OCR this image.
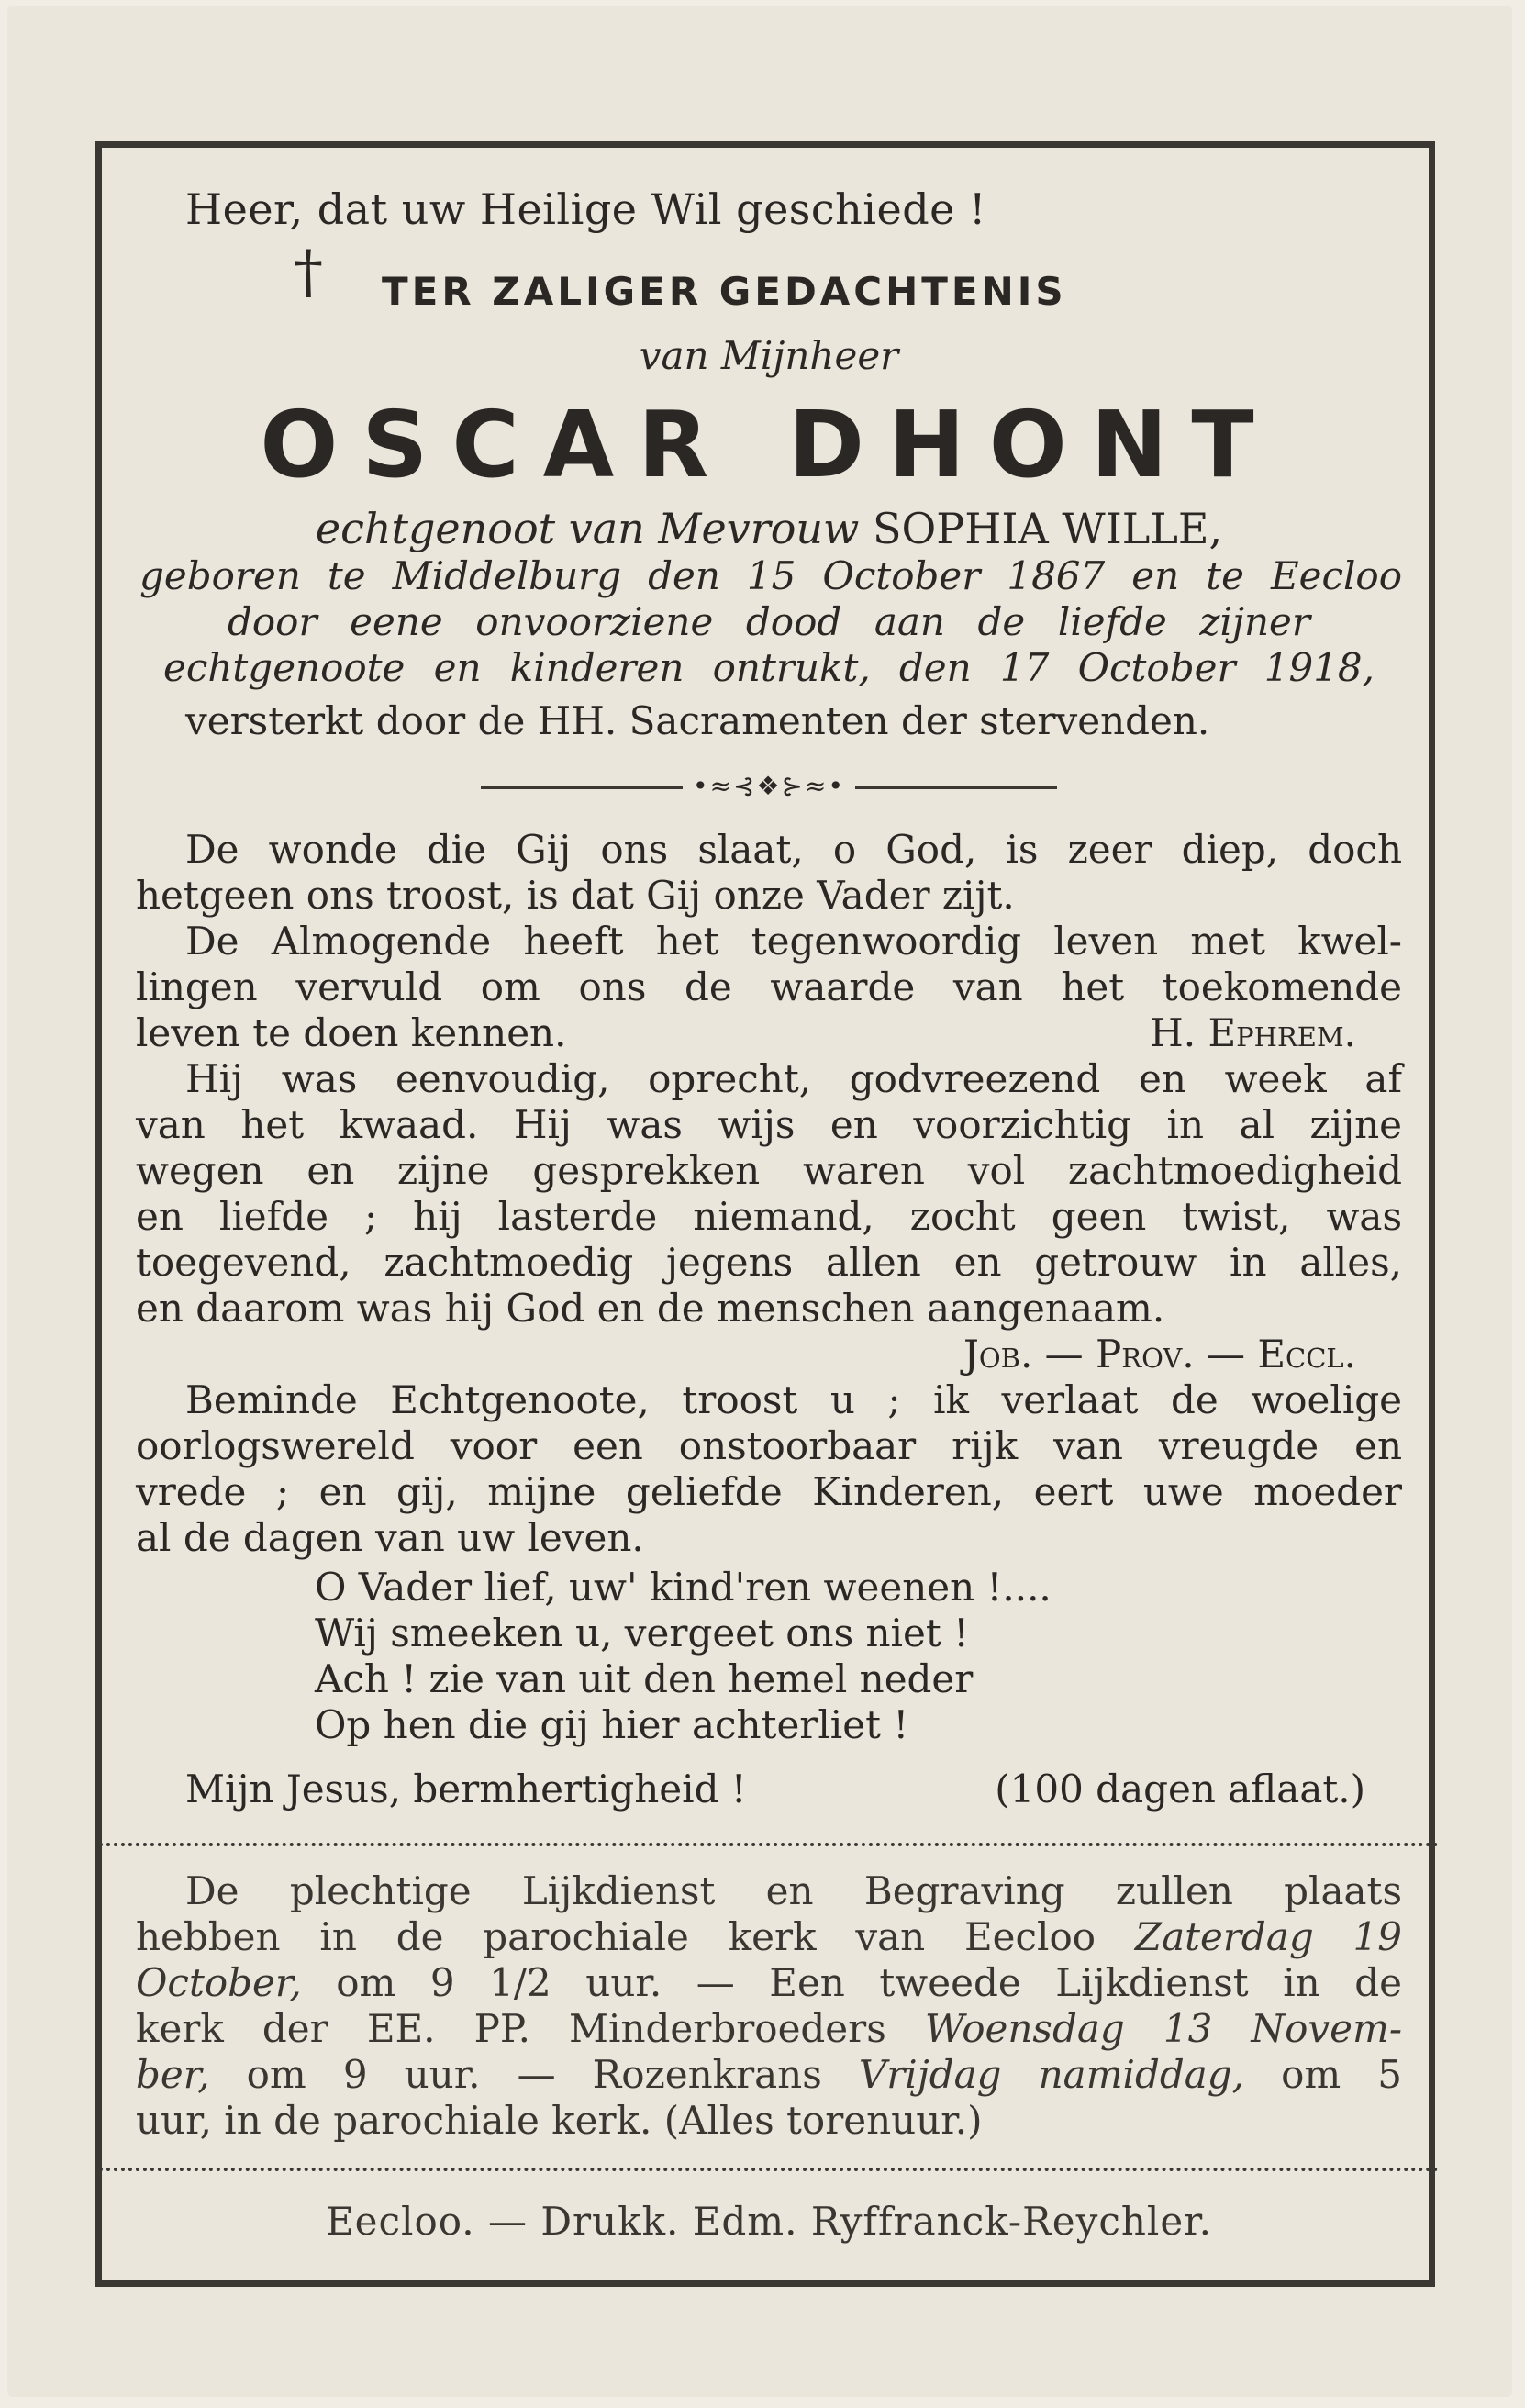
Heer, dat uw Heilige Wil geschiede !

† TER ZALIGER GEDACHTENIS

van Mijnheer

OSCAR DHONT

echtgenoot van Mevrouw SOPHIA WILLE,

geboren te Middelburg den 15 October 1867 en te Eecloo
door eene onvoorziene dood aan de liefde zijner
echtgenoote en kinderen ontrukt, den 17 October 1918,

versterkt door de HH. Sacramenten der stervenden.

•≈⊰❖⊱≈•
De wonde die Gij ons slaat, o God, is zeer diep, doch
hetgeen ons troost, is dat Gij onze Vader zijt.
De Almogende heeft het tegenwoordig leven met kwel-
lingen vervuld om ons de waarde van het toekomende
leven te doen kennen.	H. Ephrem.
Hij was eenvoudig, oprecht, godvreezend en week af
van het kwaad. Hij was wijs en voorzichtig in al zijne
wegen en zijne gesprekken waren vol zachtmoedigheid
en liefde ; hij lasterde niemand, zocht geen twist, was
toegevend, zachtmoedig jegens allen en getrouw in alles,
en daarom was hij God en de menschen aangenaam.
Job. — Prov. — Eccl.
Beminde Echtgenoote, troost u ; ik verlaat de woelige
oorlogswereld voor een onstoorbaar rijk van vreugde en
vrede ; en gij, mijne geliefde Kinderen, eert uwe moeder
al de dagen van uw leven.
O Vader lief, uw' kind'ren weenen !....
Wij smeeken u, vergeet ons niet !
Ach ! zie van uit den hemel neder
Op hen die gij hier achterliet !
Mijn Jesus, bermhertigheid !	(100 dagen aflaat.)
De plechtige Lijkdienst en Begraving zullen plaats
hebben in de parochiale kerk van Eecloo Zaterdag 19
October, om 9 1/2 uur. — Een tweede Lijkdienst in de
kerk der EE. PP. Minderbroeders Woensdag 13 Novem-
ber, om 9 uur. — Rozenkrans Vrijdag namiddag, om 5
uur, in de parochiale kerk. (Alles torenuur.)

Eecloo. — Drukk. Edm. Ryffranck-Reychler.
